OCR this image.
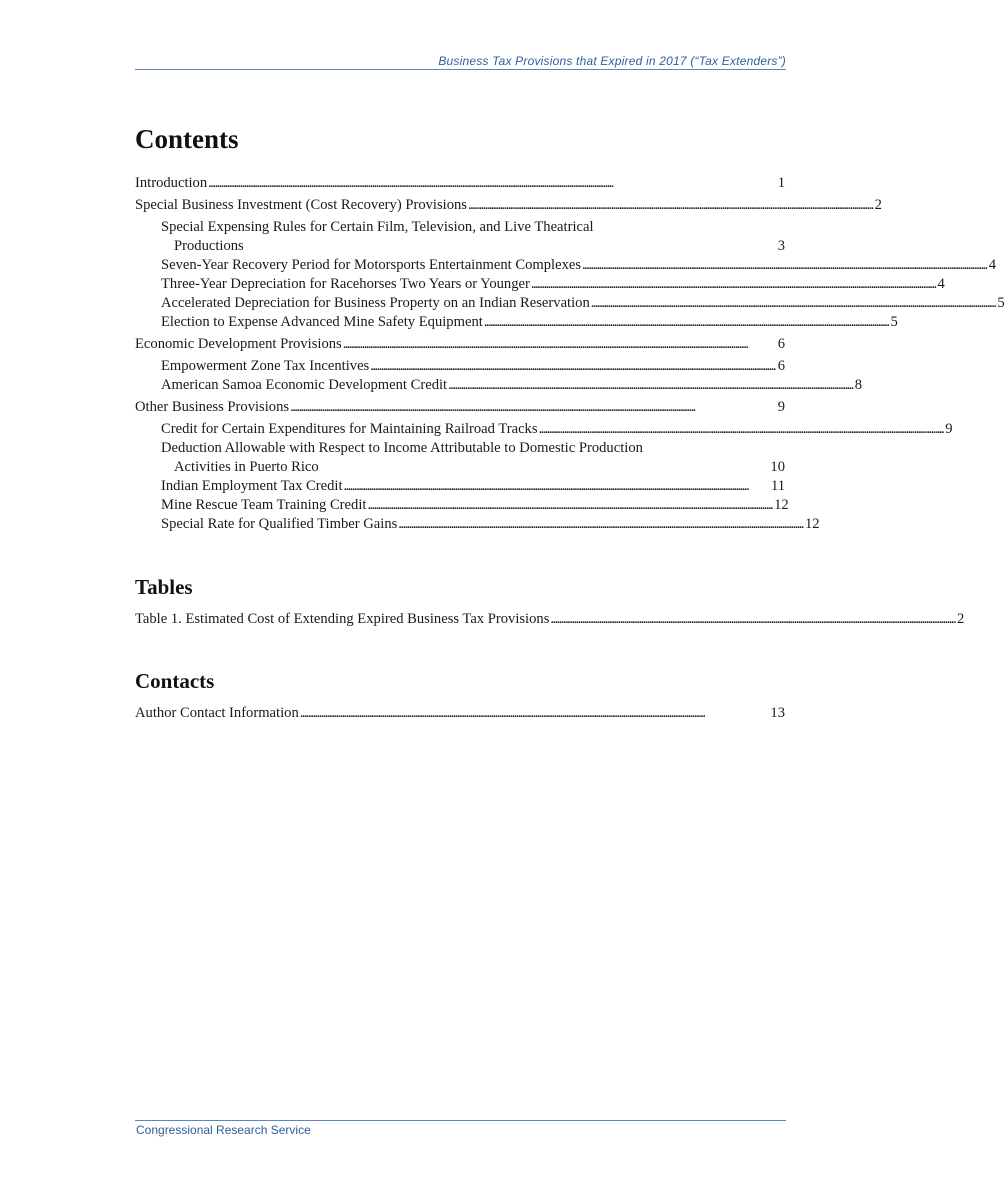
Business Tax Provisions that Expired in 2017 (“Tax Extenders”)
Contents
Introduction . . .	1
Special Business Investment (Cost Recovery) Provisions . . .	2
Special Expensing Rules for Certain Film, Television, and Live Theatrical
Productions	3
Seven-Year Recovery Period for Motorsports Entertainment Complexes . . .	4
Three-Year Depreciation for Racehorses Two Years or Younger . . .	4
Accelerated Depreciation for Business Property on an Indian Reservation . . .	5
Election to Expense Advanced Mine Safety Equipment . . .	5
Economic Development Provisions . . .	6
Empowerment Zone Tax Incentives . . .	6
American Samoa Economic Development Credit . . .	8
Other Business Provisions . . .	9
Credit for Certain Expenditures for Maintaining Railroad Tracks . . .	9
Deduction Allowable with Respect to Income Attributable to Domestic Production
Activities in Puerto Rico	10
Indian Employment Tax Credit . . .	11
Mine Rescue Team Training Credit . . .	12
Special Rate for Qualified Timber Gains . . .	12
Tables
Table 1. Estimated Cost of Extending Expired Business Tax Provisions . . .	2
Contacts
Author Contact Information . . .	13
Congressional Research Service
